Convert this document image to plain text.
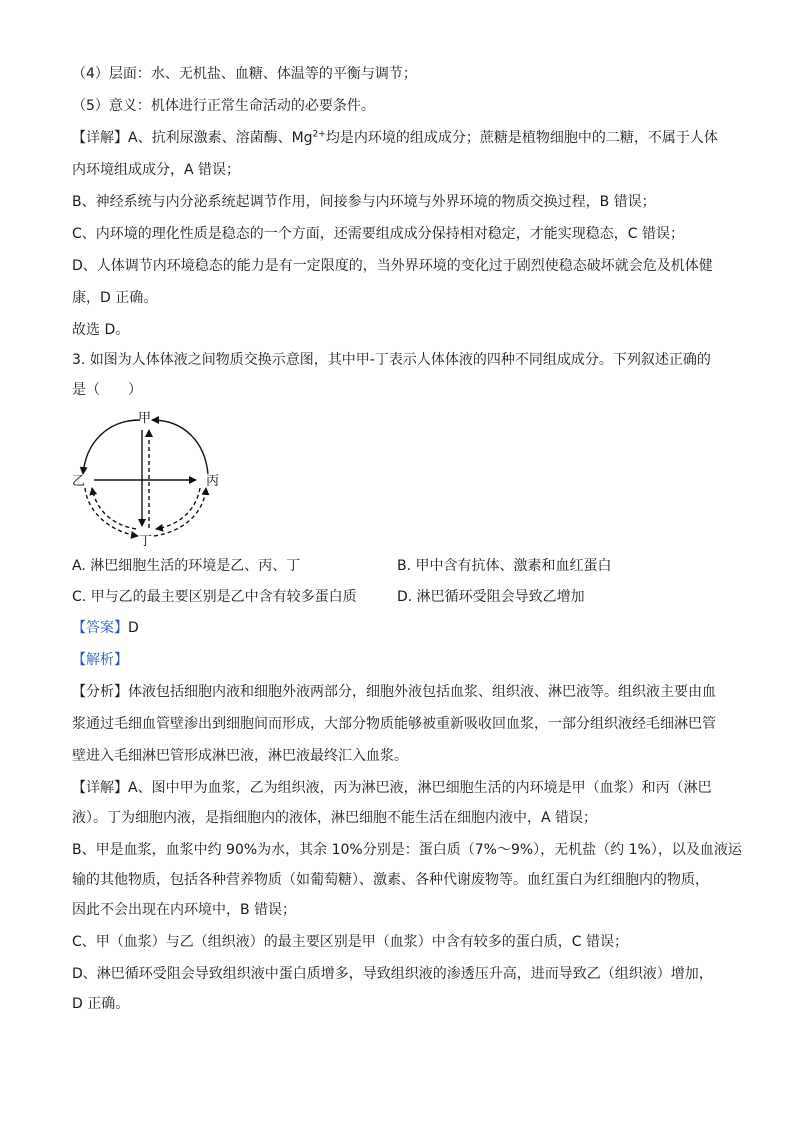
（4）层面：水、无机盐、血糖、体温等的平衡与调节；
（5）意义：机体进行正常生命活动的必要条件。
【详解】A、抗利尿激素、溶菌酶、$Mg^{2+}$均是内环境的组成成分；蔗糖是植物细胞中的二糖，不属于人体
内环境组成成分，A 错误；
B、神经系统与内分泌系统起调节作用，间接参与内环境与外界环境的物质交换过程，B 错误；
C、内环境的理化性质是稳态的一个方面，还需要组成成分保持相对稳定，才能实现稳态，C 错误；
D、人体调节内环境稳态的能力是有一定限度的，当外界环境的变化过于剧烈使稳态破坏就会危及机体健
康，D 正确。
故选 D。
3. 如图为人体体液之间物质交换示意图，其中甲-丁表示人体体液的四种不同组成成分。下列叙述正确的
是（　　）
甲
乙	丙
丁
A. 淋巴细胞生活的环境是乙、丙、丁	B. 甲中含有抗体、激素和血红蛋白
C. 甲与乙的最主要区别是乙中含有较多蛋白质	D. 淋巴循环受阻会导致乙增加
【答案】D
【解析】
【分析】体液包括细胞内液和细胞外液两部分，细胞外液包括血浆、组织液、淋巴液等。组织液主要由血
浆通过毛细血管壁渗出到细胞间而形成，大部分物质能够被重新吸收回血浆，一部分组织液经毛细淋巴管
壁进入毛细淋巴管形成淋巴液，淋巴液最终汇入血浆。
【详解】A、图中甲为血浆，乙为组织液，丙为淋巴液，淋巴细胞生活的内环境是甲（血浆）和丙（淋巴
液）。丁为细胞内液，是指细胞内的液体，淋巴细胞不能生活在细胞内液中，A 错误；
B、甲是血浆，血浆中约 90%为水，其余 10%分别是：蛋白质（7%～9%），无机盐（约 1%），以及血液运
输的其他物质，包括各种营养物质（如葡萄糖）、激素、各种代谢废物等。血红蛋白为红细胞内的物质，
因此不会出现在内环境中，B 错误；
C、甲（血浆）与乙（组织液）的最主要区别是甲（血浆）中含有较多的蛋白质，C 错误；
D、淋巴循环受阻会导致组织液中蛋白质增多，导致组织液的渗透压升高，进而导致乙（组织液）增加，
D 正确。
